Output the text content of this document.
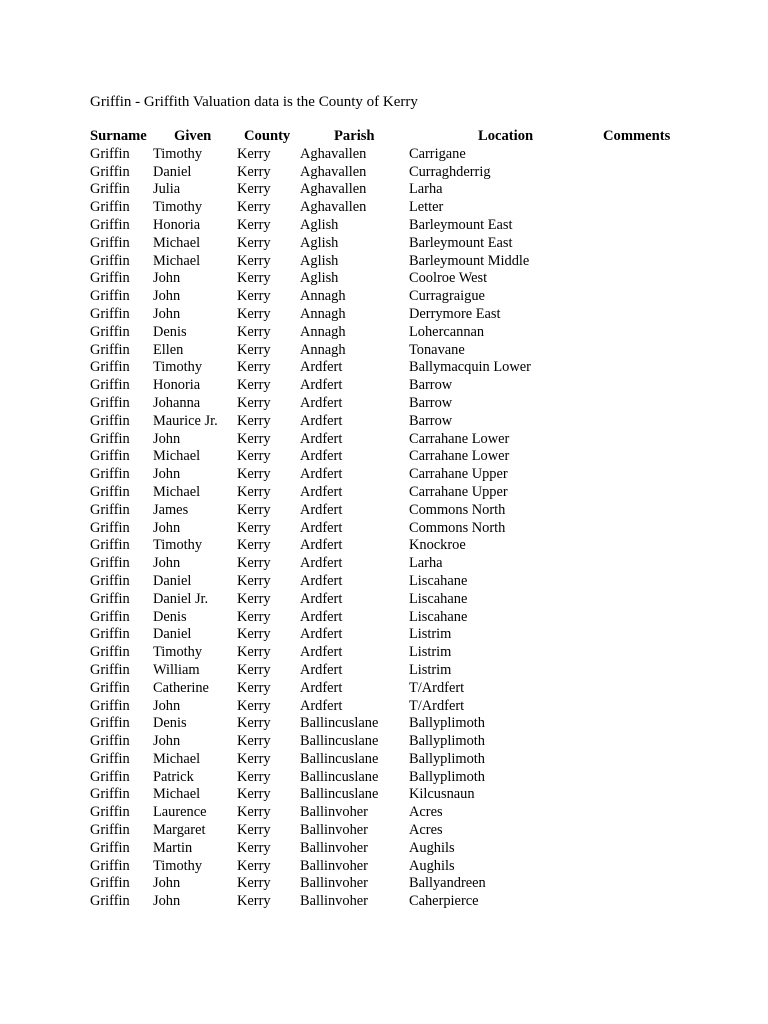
Griffin - Griffith Valuation data is the County of Kerry
Surname Given County	Parish	Location	Comments
Griffin Timothy Kerry Aghavallen	Carrigane
Griffin Daniel	Kerry Aghavallen	Curraghderrig
Griffin Julia	Kerry Aghavallen	Larha
Griffin Timothy Kerry Aghavallen	Letter
Griffin Honoria	Kerry Aglish	Barleymount East
Griffin Michael	Kerry Aglish	Barleymount East
Griffin Michael	Kerry Aglish	Barleymount Middle
Griffin John	Kerry Aglish	Coolroe West
Griffin John	Kerry Annagh	Curragraigue
Griffin John	Kerry Annagh	Derrymore East
Griffin Denis	Kerry Annagh	Lohercannan
Griffin Ellen	Kerry Annagh	Tonavane
Griffin Timothy Kerry Ardfert	Ballymacquin Lower
Griffin Honoria	Kerry Ardfert	Barrow
Griffin Johanna	Kerry Ardfert	Barrow
Griffin Maurice Jr. Kerry Ardfert	Barrow
Griffin John	Kerry Ardfert	Carrahane Lower
Griffin Michael	Kerry Ardfert	Carrahane Lower
Griffin John	Kerry Ardfert	Carrahane Upper
Griffin Michael	Kerry Ardfert	Carrahane Upper
Griffin James	Kerry Ardfert	Commons North
Griffin John	Kerry Ardfert	Commons North
Griffin Timothy Kerry Ardfert	Knockroe
Griffin John	Kerry Ardfert	Larha
Griffin Daniel	Kerry Ardfert	Liscahane
Griffin Daniel Jr. Kerry Ardfert	Liscahane
Griffin Denis	Kerry Ardfert	Liscahane
Griffin Daniel	Kerry Ardfert	Listrim
Griffin Timothy Kerry Ardfert	Listrim
Griffin William	Kerry Ardfert	Listrim
Griffin Catherine Kerry Ardfert	T/Ardfert
Griffin John	Kerry Ardfert	T/Ardfert
Griffin Denis	Kerry Ballincuslane Ballyplimoth
Griffin John	Kerry Ballincuslane Ballyplimoth
Griffin Michael	Kerry Ballincuslane Ballyplimoth
Griffin Patrick	Kerry Ballincuslane Ballyplimoth
Griffin Michael	Kerry Ballincuslane Kilcusnaun
Griffin Laurence Kerry Ballinvoher	Acres
Griffin Margaret Kerry Ballinvoher	Acres
Griffin Martin	Kerry Ballinvoher	Aughils
Griffin Timothy Kerry Ballinvoher	Aughils
Griffin John	Kerry Ballinvoher	Ballyandreen
Griffin John	Kerry Ballinvoher	Caherpierce
